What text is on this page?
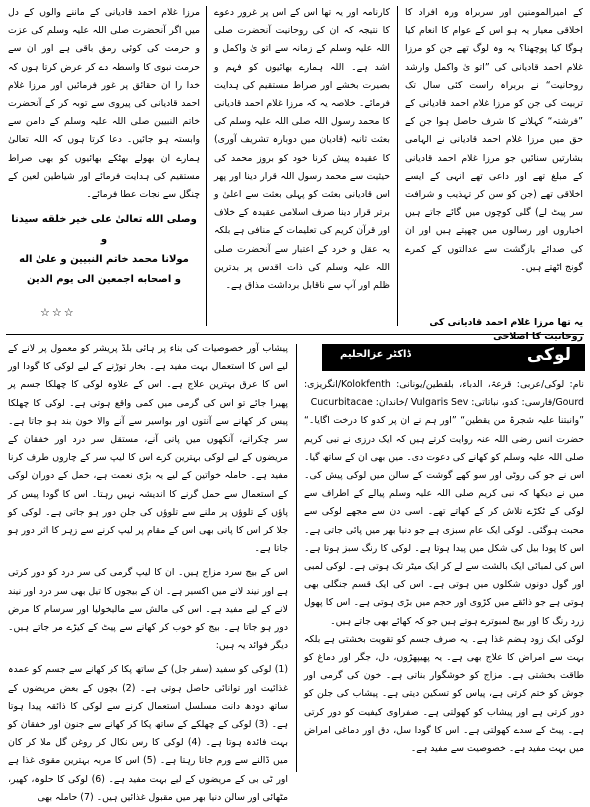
کے امیرالمومنین اور سربراہ ورہ افراد کا اخلاقی معیار یہ ہو اس کے عوام کا انعام کیا ہوگا کیا پوچھنا؟ یہ وہ لوگ تھے جن کو مرزا غلام احمد قادیانی کی ”اتو یٰ واکمل وارشد روحانیت“ نے بربراہ راست کئی سال تک تربیت کی جن کو مرزا غلام احمد قادیانی کے ”فرشتہ“ کہلانے کا شرف حاصل ہوا جن کے حق میں مرزا غلام احمد قادیانی نے الہامی بشارتیں سنائیں جو مرزا غلام احمد قادیانی کے مبلغ تھے اور داعی تھے انہی کے ایسے اخلاقی تھے (جن کو سن کر تہذیب و شرافت سر پیٹ لے) گلی کوچوں میں گائے جاتے ہیں اخباروں اور رسالوں میں چھپتے ہیں اور ان کی صدائے بازگشت سے عدالتوں کے کمرے گونج اٹھتے ہیں۔

کارنامہ اور یہ تھا اس کے اس پر غرور دعوے کا نتیجہ کہ ان کی روحانیت آنحضرت صلی اللہ علیہ وسلم کے زمانہ سے اتو یٰ واکمل و اشد ہے۔ اللہ ہمارے بھائیوں کو فہم و بصیرت بخشے اور صراط مستقیم کی ہدایت فرمائے۔ خلاصہ یہ کہ مرزا غلام احمد قادیانی کا محمد رسول اللہ صلی اللہ علیہ وسلم کی بعثت ثانیہ (قادیان میں دوبارہ تشریف آوری) کا عقیدہ پیش کرنا خود کو بروز محمد کی حیثیت سے محمد رسول اللہ قرار دینا اور پھر اس قادیانی بعثت کو پہلی بعثت سے اعلیٰ و برتر قرار دینا صرف اسلامی عقیدہ کے خلاف اور قرآن کریم کی تعلیمات کے منافی ہے بلکہ یہ عقل و خرد کے اعتبار سے آنحضرت صلی اللہ علیہ وسلم کی ذات اقدس پر بدترین ظلم اور آپ سے ناقابل برداشت مذاق ہے۔

مرزا غلام احمد قادیانی کے ماننے والوں کے دل میں اگر آنحضرت صلی اللہ علیہ وسلم کی عزت و حرمت کی کوئی رمق باقی ہے اور ان سے حرمت نبوی کا واسطہ دے کر عرض کرتا ہوں کہ خدا را ان حقائق پر غور فرمائیں اور مرزا غلام احمد قادیانی کی پیروی سے توبہ کر کے آنحضرت خاتم النبیین صلی اللہ علیہ وسلم کے دامن سے وابستہ ہو جائیں۔ دعا کرتا ہوں کہ اللہ تعالیٰ ہمارے ان بھولے بھٹکے بھائیوں کو بھی صراط مستقیم کی ہدایت فرمائے اور شیاطین لعین کے چنگل سے نجات عطا فرمائے۔

وصلى الله تعالىٰ على خير خلقه سيدنا و
مولانا محمد خاتم النبيين و علىٰ اله
و اصحابه اجمعين الى يوم الدين
☆☆☆
یہ تھا مرزا غلام احمد قادیانی کی روحانیت کا اصلاحی
لوکی
ڈاکٹر عزالحلیم

نام: لوکی/عربی: قرعۃ، الدباء، بلقطین/یونانی: Kolokfenth/انگریزی: Gourd/فارسی: کدو، نباتاتی: Vulgaris Sev /خاندان: Cucurbitacae

”وانبتنا علیہ شجرۃ من یقطین“ ”اور ہم نے ان پر کدو کا درخت اگایا۔“ حضرت انس رضی اللہ عنہ روایت کرتے ہیں کہ ایک درزی نے نبی کریم صلی اللہ علیہ وسلم کو کھانے کی دعوت دی۔ میں بھی ان کے ساتھ گیا۔ اس نے جو کی روٹی اور سو کھے گوشت کے سالن میں لوکی پیش کی۔ میں نے دیکھا کہ نبی کریم صلی اللہ علیہ وسلم پیالے کے اطراف سے لوکی کے ٹکڑے تلاش کر کے کھاتے تھے۔ اسی دن سے مجھے لوکی سے محبت ہوگئی۔ لوکی ایک عام سبزی ہے جو دنیا بھر میں پائی جاتی ہے۔ اس کا پودا بیل کی شکل میں پیدا ہوتا ہے۔ لوکی کا رنگ سبز ہوتا ہے۔ اس کی لمبائی ایک بالشت سے لے کر ایک میٹر تک ہوتی ہے۔ لوکی لمبی اور گول دونوں شکلوں میں ہوتی ہے۔ اس کی ایک قسم جنگلی بھی ہوتی ہے جو ذائقے میں کڑوی اور حجم میں بڑی ہوتی ہے۔ اس کا پھول زرد رنگ کا اور بیج لمبوترے ہوتے ہیں جو کہ کھائے بھی جاتے ہیں۔

لوکی ایک زود ہضم غذا ہے۔ یہ صرف جسم کو تقویت بخشتی ہے بلکہ بہت سے امراض کا علاج بھی ہے۔ یہ پھیپھڑوں، دل، جگر اور دماغ کو طاقت بخشتی ہے۔ مزاج کو خوشگوار بناتی ہے۔ خون کی گرمی اور جوش کو ختم کرتی ہے، پیاس کو تسکین دیتی ہے۔ پیشاب کی جلن کو دور کرتی ہے اور پیشاب کو کھولتی ہے۔ صفراوی کیفیت کو دور کرتی ہے۔ پیٹ کے سدے کھولتی ہے۔ اس کا گودا سل، دق اور دماغی امراض میں بہت مفید ہے۔ خصوصیت سے مفید ہے۔

پیشاب آور خصوصیات کی بناء پر ہائی بلڈ پریشر کو معمول پر لانے کے لیے اس کا استعمال بہت مفید ہے۔ بخار توڑنے کے لیے لوکی کا گودا اور اس کا عرق بہترین علاج ہے۔ اس کے علاوہ لوکی کا چھلکا جسم پر پھیرا جائے تو اس کی گرمی میں کمی واقع ہوتی ہے۔ لوکی کا چھلکا پیس کر کھانے سے آنتوں اور بواسیر سے آنے والا خون بند ہو جاتا ہے۔ سر چکرانے، آنکھوں میں پانی آنے، مستقل سر درد اور خفقان کے مریضوں کے لیے لوکی بہترین کرے اس کا لیپ سر کے چاروں طرف کرنا مفید ہے۔ حاملہ خواتین کے لیے یہ بڑی نعمت ہے، حمل کے دوران لوکی کے استعمال سے حمل گرنے کا اندیشہ نہیں رہتا۔ اس کا گودا پیس کر پاؤں کے تلوؤں پر ملنے سے تلوؤں کی جلن دور ہو جاتی ہے۔ لوکی کو جلا کر اس کا پانی بھی اس کے مقام پر لیپ کرنے سے زہر کا اثر دور ہو جاتا ہے۔

اس کے بیج سرد مزاج ہیں۔ ان کا لیپ گرمی کی سر درد کو دور کرتی ہے اور نیند لانے میں اکسیر ہے۔ ان کے بیجوں کا تیل بھی سر درد اور نیند لانے کے لیے مفید ہے۔ اس کی مالش سے مالیخولیا اور سرسام کا مرض دور ہو جاتا ہے۔ بیج کو خوب کر کھانے سے پیٹ کے کیڑے مر جاتے ہیں۔ دیگر فوائد یہ ہیں:

(1) لوکی کو سفید (سفر جل) کے ساتھ پکا کر کھانے سے جسم کو عمدہ غذائیت اور توانائی حاصل ہوتی ہے۔ (2) بچوں کے بعض مریضوں کے ساتھ دودھ دانت مسلسل استعمال کرنے سے لوکی کا ذائقہ پیدا ہوتا ہے۔ (3) لوکی کے چھلکے کے ساتھ پکا کر کھانے سے جنون اور خفقان کو بہت فائدہ ہوتا ہے۔ (4) لوکی کا رس نکال کر روغن گل ملا کر کان میں ڈالنے سے ورم جاتا رہتا ہے۔ (5) اس کا مربہ بہترین مقوی غذا ہے اور ٹی بی کے مریضوں کے لیے بہت مفید ہے۔ (6) لوکی کا حلوہ، کھیر، مٹھائی اور سالن دنیا بھر میں مقبول غذائیں ہیں۔ (7) حاملہ بھی
